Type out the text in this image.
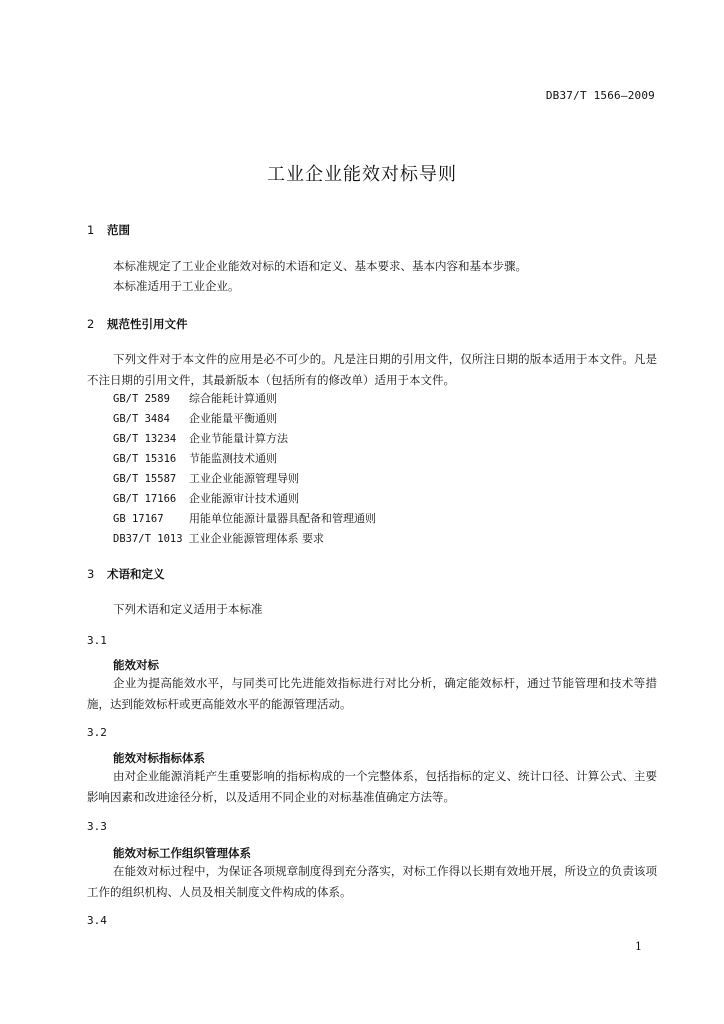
DB37/T 1566—2009
工业企业能效对标导则
1 范围
本标准规定了工业企业能效对标的术语和定义、基本要求、基本内容和基本步骤。
本标准适用于工业企业。
2 规范性引用文件
下列文件对于本文件的应用是必不可少的。凡是注日期的引用文件，仅所注日期的版本适用于本文件。凡是不注日期的引用文件，其最新版本（包括所有的修改单）适用于本文件。
GB/T 2589 综合能耗计算通则
GB/T 3484 企业能量平衡通则
GB/T 13234 企业节能量计算方法
GB/T 15316 节能监测技术通则
GB/T 15587 工业企业能源管理导则
GB/T 17166 企业能源审计技术通则
GB 17167 用能单位能源计量器具配备和管理通则
DB37/T 1013 工业企业能源管理体系 要求
3 术语和定义
下列术语和定义适用于本标准
3.1
能效对标
企业为提高能效水平，与同类可比先进能效指标进行对比分析，确定能效标杆，通过节能管理和技术等措施，达到能效标杆或更高能效水平的能源管理活动。
3.2
能效对标指标体系
由对企业能源消耗产生重要影响的指标构成的一个完整体系，包括指标的定义、统计口径、计算公式、主要影响因素和改进途径分析，以及适用不同企业的对标基准值确定方法等。
3.3
能效对标工作组织管理体系
在能效对标过程中，为保证各项规章制度得到充分落实，对标工作得以长期有效地开展，所设立的负责该项工作的组织机构、人员及相关制度文件构成的体系。
3.4
1
